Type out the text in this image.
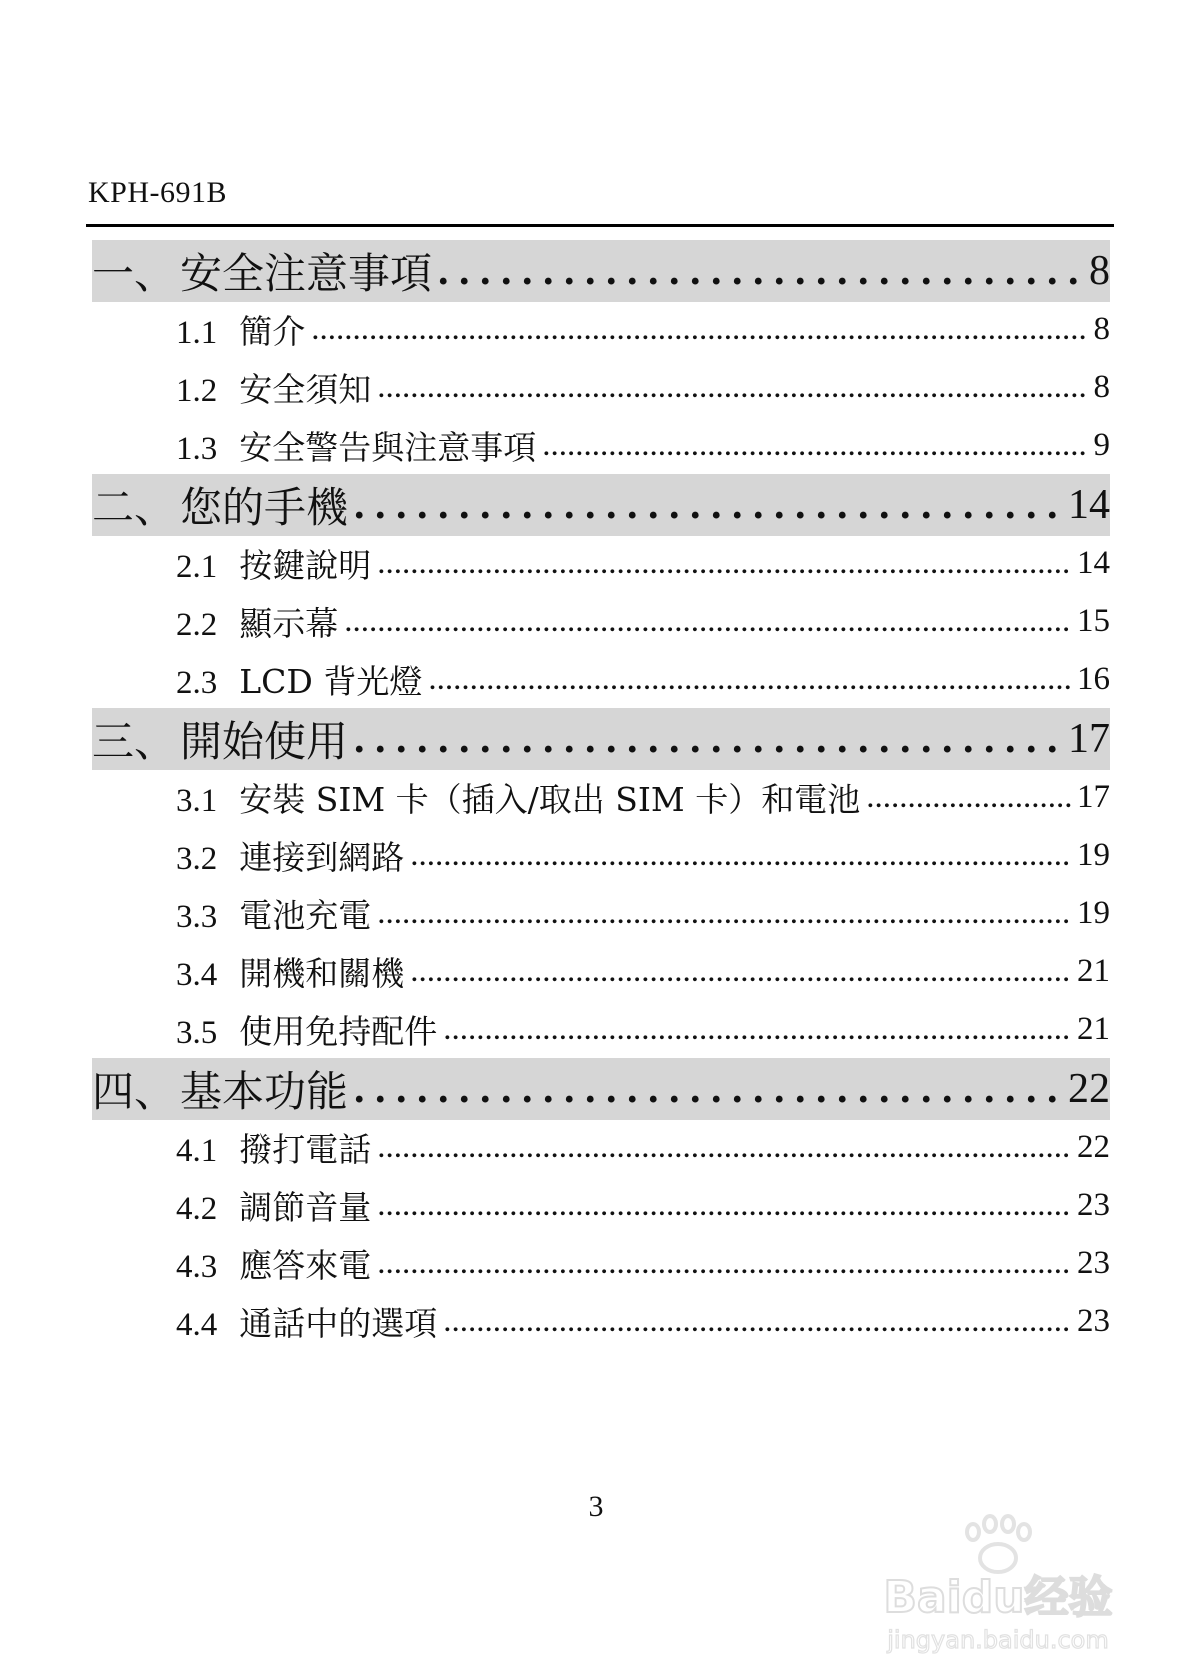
KPH-691B
一、安全注意事項 . . .	8
1.1 簡介 .....	8
1.2 安全須知 .....	8
1.3 安全警告與注意事項 .....	9
二、您的手機 . . .	14
2.1 按鍵說明 .....	14
2.2 顯示幕 .....	15
2.3 LCD 背光燈 .....	16
三、開始使用 . . .	17
3.1 安裝 SIM 卡（插入/取出 SIM 卡）和電池 .....	17
3.2 連接到網路 .....	19
3.3 電池充電 .....	19
3.4 開機和關機 .....	21
3.5 使用免持配件 .....	21
四、基本功能 . . .	22
4.1 撥打電話 .....	22
4.2 調節音量 .....	23
4.3 應答來電 .....	23
4.4 通話中的選項 .....	23
3
Baidu经验
jingyan.baidu.com
